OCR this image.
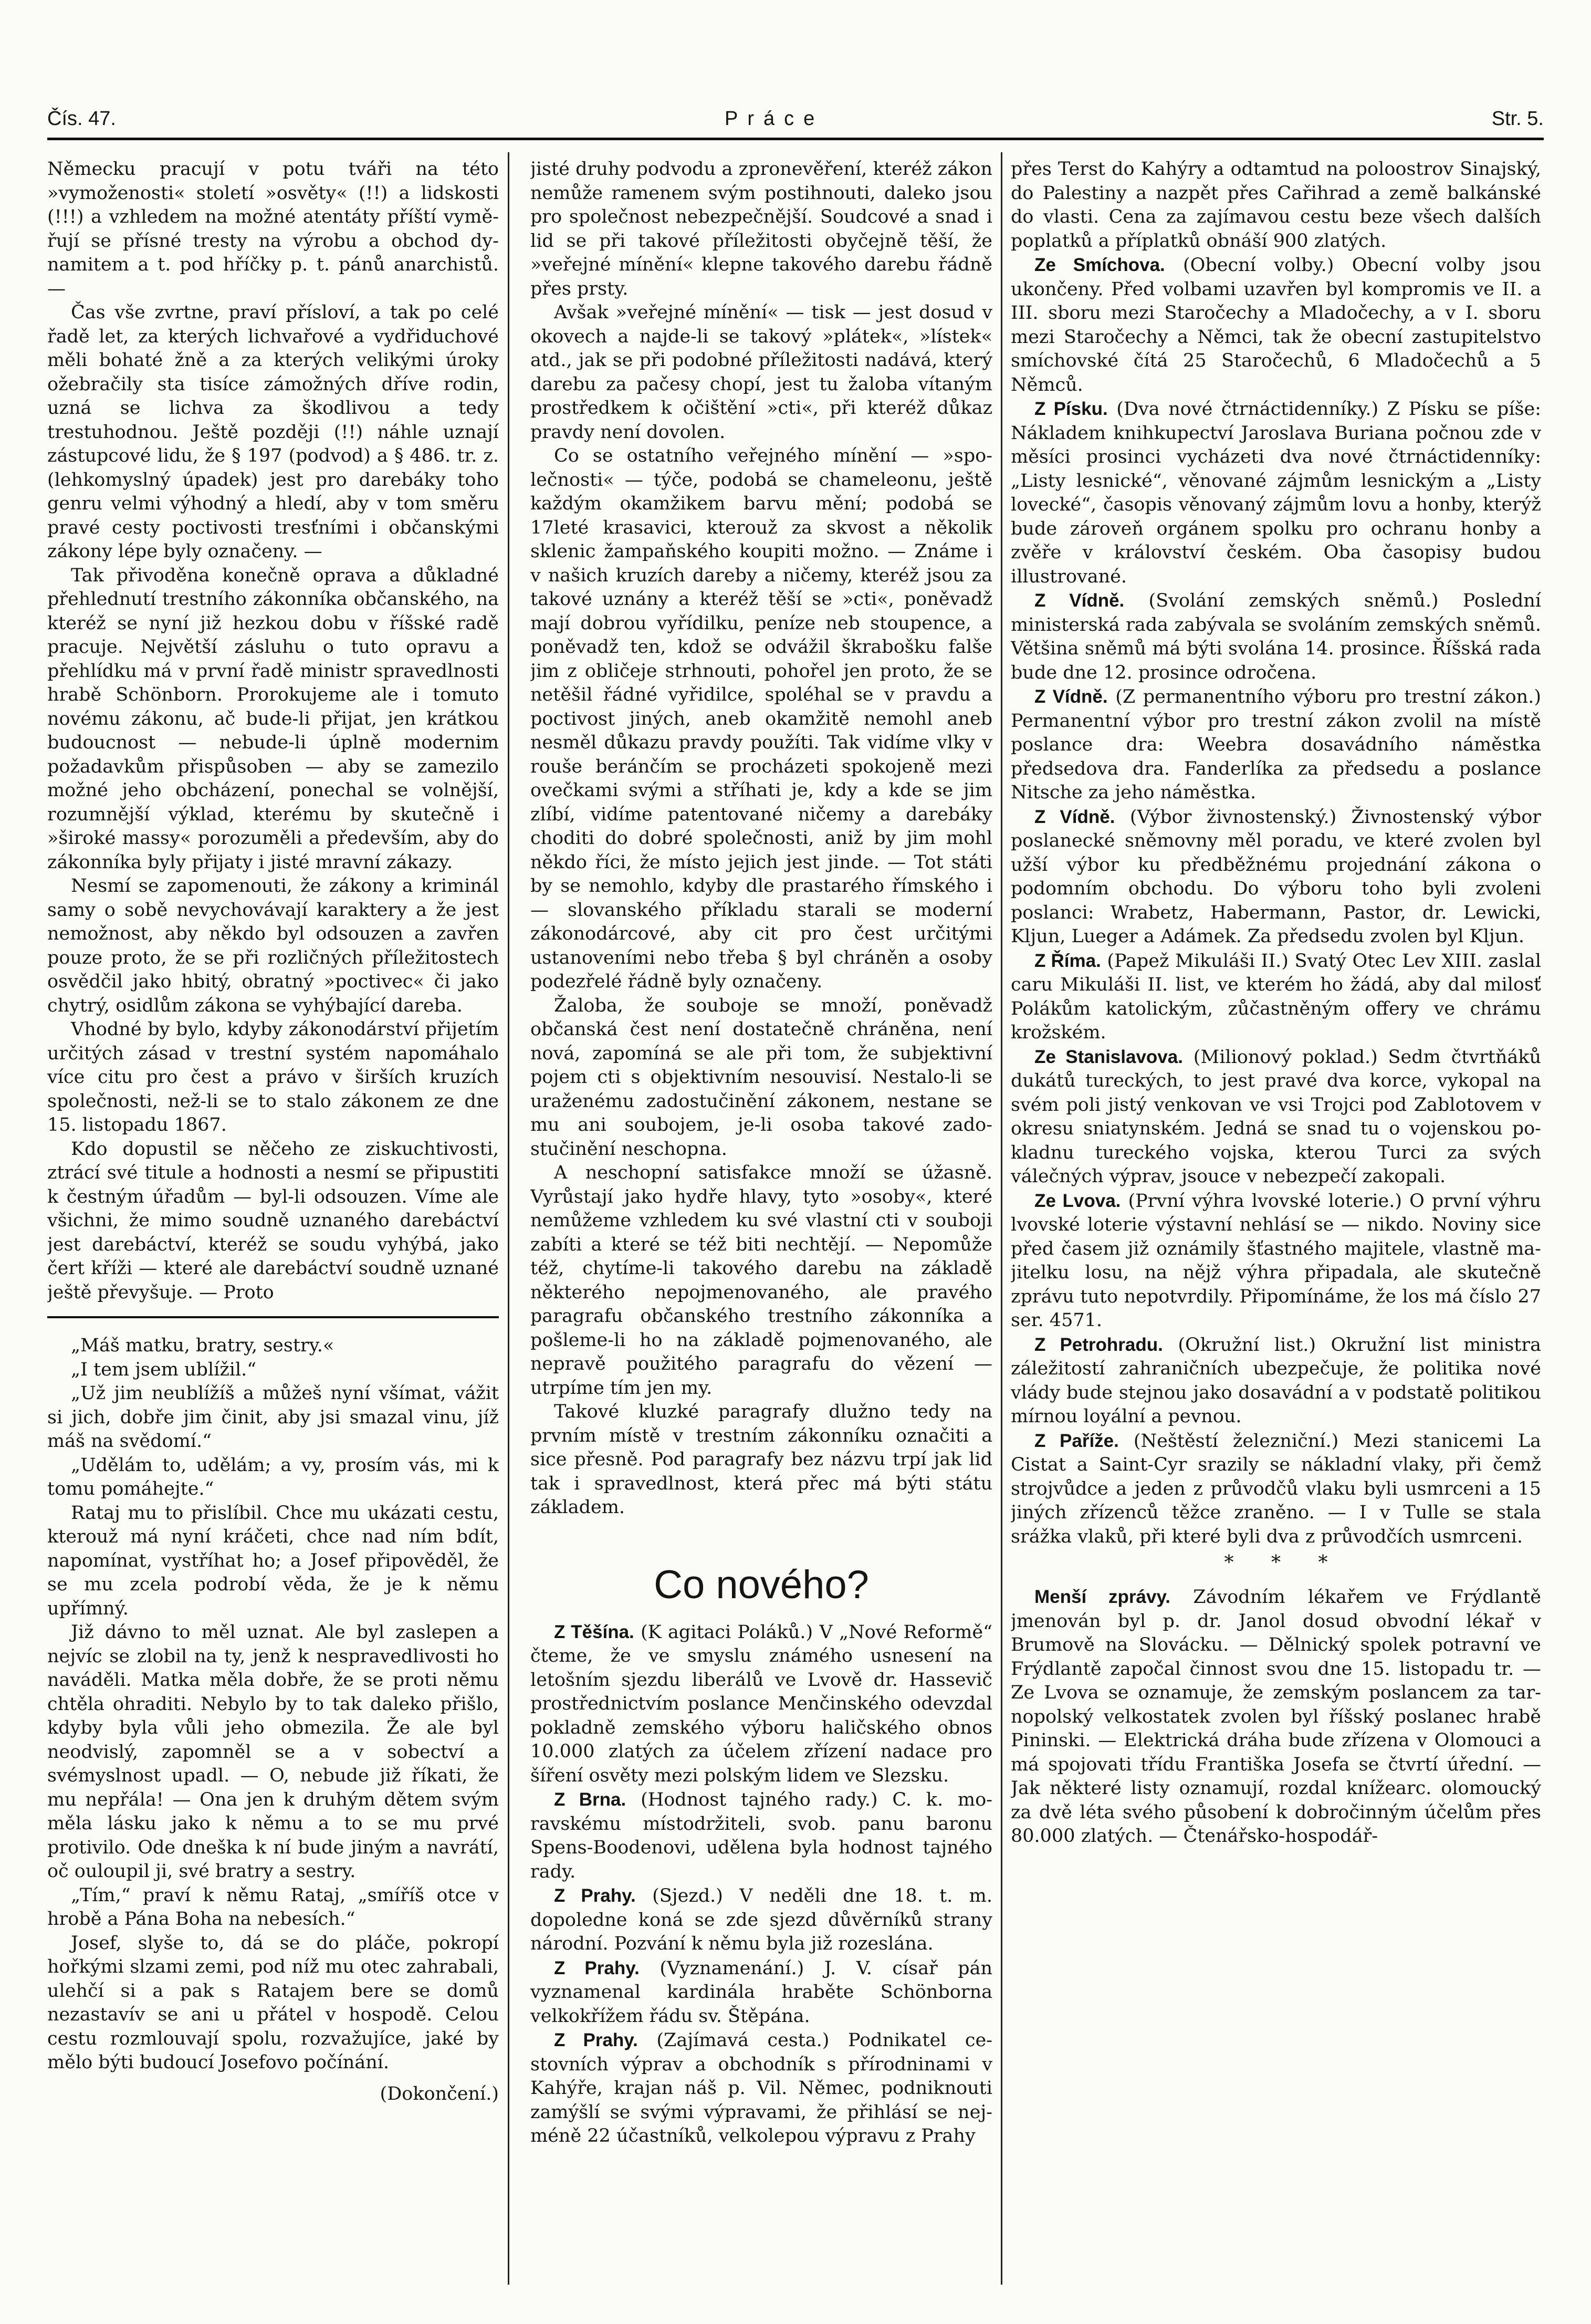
Čís. 47.	Práce	Str. 5.

Německu pracují v potu tváři na této »vymoženosti« století »osvěty« (!!) a lidskosti (!!!) a vzhledem na možné atentáty příští vyměřují se přísné tresty na výrobu a obchod dynamitem a t. pod hříčky p. t. pánů anarchistů. —

Čas vše zvrtne, praví přísloví, a tak po celé řadě let, za kterých lichvařové a vydřiduchové měli bohaté žně a za kterých velikými úroky ožebračily sta tisíce zámožných dříve rodin, uzná se lichva za škodlivou a tedy trestuhodnou. Ještě později (!!) náhle uznají zástupcové lidu, že § 197 (podvod) a § 486. tr. z. (lehkomyslný úpadek) jest pro darebáky toho genru velmi výhodný a hledí, aby v tom směru pravé cesty poctivosti tresťními i občanskými zákony lépe byly označeny. —

Tak přivoděna konečně oprava a důkladné přehlednutí trestního zákonníka občanského, na kteréž se nyní již hezkou dobu v říšské radě pracuje. Největší zásluhu o tuto opravu a přehlídku má v první řadě ministr spravedlnosti hrabě Schönborn. Prorokujeme ale i tomuto novému zákonu, ač bude-li přijat, jen krátkou budoucnost — nebude-li úplně modernim požadavkům přispůsoben — aby se zamezilo možné jeho obcházení, ponechal se volnější, rozumnější výklad, kterému by skutečně i »široké massy« porozuměli a především, aby do zákonníka byly přijaty i jisté mravní zákazy.

Nesmí se zapomenouti, že zákony a kriminál samy o sobě nevychovávají karaktery a že jest nemožnost, aby někdo byl odsouzen a zavřen pouze proto, že se při rozličných příležitostech osvědčil jako hbitý, obratný »poctivec« či jako chytrý, osidlům zákona se vyhýbající dareba.

Vhodné by bylo, kdyby zákonodárství přijetím určitých zásad v trestní systém napomáhalo více citu pro čest a právo v širších kruzích společnosti, než-li se to stalo zákonem ze dne 15. listopadu 1867.

Kdo dopustil se něčeho ze ziskuchtivosti, ztrácí své titule a hodnosti a nesmí se připustiti k čestným úřadům — byl-li odsouzen. Víme ale všichni, že mimo soudně uznaného darebáctví jest darebáctví, kteréž se soudu vyhýbá, jako čert kříži — které ale darebáctví soudně uznané ještě převyšuje. — Proto

„Máš matku, bratry, sestry.«

„I tem jsem ublížil.“

„Už jim neublížíš a můžeš nyní všímat, vážit si jich, dobře jim činit, aby jsi smazal vinu, jíž máš na svědomí.“

„Udělám to, udělám; a vy, prosím vás, mi k tomu pomáhejte.“

Rataj mu to přislíbil. Chce mu ukázati cestu, kterouž má nyní kráčeti, chce nad ním bdít, napomínat, vystříhat ho; a Josef připověděl, že se mu zcela podrobí věda, že je k němu upřímný.

Již dávno to měl uznat. Ale byl zaslepen a nejvíc se zlobil na ty, jenž k nespravedlivosti ho naváděli. Matka měla dobře, že se proti němu chtěla ohraditi. Nebylo by to tak daleko přišlo, kdyby byla vůli jeho obmezila. Že ale byl neodvislý, zapomněl se a v sobectví a svémyslnost upadl. — O, nebude již říkati, že mu nepřála! — Ona jen k druhým dětem svým měla lásku jako k němu a to se mu prvé protivilo. Ode dneška k ní bude jiným a navrátí, oč ouloupil ji, své bratry a sestry.

„Tím,“ praví k němu Rataj, „smíříš otce v hrobě a Pána Boha na nebesích.“

Josef, slyše to, dá se do pláče, pokropí hořkými slzami zemi, pod níž mu otec zahrabali, ulehčí si a pak s Ratajem bere se domů nezastavív se ani u přátel v hospodě. Celou cestu rozmlouvají spolu, rozvažujíce, jaké by mělo býti budoucí Josefovo počínání.

(Dokončení.)

jisté druhy podvodu a zpronevěření, kteréž zákon nemůže ramenem svým postihnouti, daleko jsou pro společnost nebezpečnější. Soudcové a snad i lid se při takové příležitosti obyčejně těší, že »veřejné mínění« klepne takového darebu řádně přes prsty.

Avšak »veřejné mínění« — tisk — jest dosud v okovech a najde-li se takový »plátek«, »lístek« atd., jak se při podobné příležitosti nadává, který darebu za pačesy chopí, jest tu žaloba vítaným prostředkem k očištění »cti«, při kteréž důkaz pravdy není dovolen.

Co se ostatního veřejného mínění — »společnosti« — týče, podobá se chameleonu, ještě každým okamžikem barvu mění; podobá se 17leté krasavici, kterouž za skvost a několik sklenic žampaňského koupiti možno. — Známe i v našich kruzích dareby a ničemy, kteréž jsou za takové uznány a kteréž těší se »cti«, poněvadž mají dobrou vyřídilku, peníze neb stoupence, a poněvadž ten, kdož se odvážil škrabošku falše jim z obličeje strhnouti, pohořel jen proto, že se netěšil řádné vyřidilce, spoléhal se v pravdu a poctivost jiných, aneb okamžitě nemohl aneb nesměl důkazu pravdy použíti. Tak vidíme vlky v rouše beránčím se procházeti spokojeně mezi ovečkami svými a stříhati je, kdy a kde se jim zlíbí, vidíme patentované ničemy a darebáky choditi do dobré společnosti, aniž by jim mohl někdo říci, že místo jejich jest jinde. — Tot státi by se nemohlo, kdyby dle prastarého římského i — slovanského příkladu starali se moderní zákonodárcové, aby cit pro čest určitými ustanoveními nebo třeba § byl chráněn a osoby podezřelé řádně byly označeny.

Žaloba, že souboje se množí, poněvadž občanská čest není dostatečně chráněna, není nová, zapomíná se ale při tom, že subjektivní pojem cti s objektivním nesouvisí. Nestalo-li se uraženému zadostučinění zákonem, nestane se mu ani soubojem, je-li osoba takové zadostučinění neschopna.

A neschopní satisfakce množí se úžasně. Vyrůstají jako hydře hlavy, tyto »osoby«, které nemůžeme vzhledem ku své vlastní cti v souboji zabíti a které se též biti nechtějí. — Nepomůže též, chytíme-li takového darebu na základě některého nepojmenovaného, ale pravého paragrafu občanského trestního zákonníka a pošleme-li ho na základě pojmenovaného, ale nepravě použitého paragrafu do vězení — utrpíme tím jen my.

Takové kluzké paragrafy dlužno tedy na prvním místě v trestním zákonníku označiti a sice přesně. Pod paragrafy bez názvu trpí jak lid tak i spravedlnost, která přec má býti státu základem.

Co nového?

Z Těšína. (K agitaci Poláků.) V „Nové Reformě“ čteme, že ve smyslu známého usnesení na letošním sjezdu liberálů ve Lvově dr. Hassevič prostřednictvím poslance Menčinského odevzdal pokladně zemského výboru haličského obnos 10.000 zlatých za účelem zřízení nadace pro šíření osvěty mezi polským lidem ve Slezsku.

Z Brna. (Hodnost tajného rady.) C. k. moravskému místodržiteli, svob. panu baronu Spens-Boodenovi, udělena byla hodnost tajného rady.

Z Prahy. (Sjezd.) V neděli dne 18. t. m. dopoledne koná se zde sjezd důvěrníků strany národní. Pozvání k němu byla již rozeslána.

Z Prahy. (Vyznamenání.) J. V. císař pán vyznamenal kardinála hraběte Schönborna velkokřížem řádu sv. Štěpána.

Z Prahy. (Zajímavá cesta.) Podnikatel cestovních výprav a obchodník s přírodninami v Kahýře, krajan náš p. Vil. Němec, podniknouti zamýšlí se svými výpravami, že přihlásí se nejméně 22 účastníků, velkolepou výpravu z Prahy

přes Terst do Kahýry a odtamtud na poloostrov Sinajský, do Palestiny a nazpět přes Cařihrad a země balkánské do vlasti. Cena za zajímavou cestu beze všech dalších poplatků a příplatků obnáší 900 zlatých.

Ze Smíchova. (Obecní volby.) Obecní volby jsou ukončeny. Před volbami uzavřen byl kompromis ve II. a III. sboru mezi Staročechy a Mladočechy, a v I. sboru mezi Staročechy a Němci, tak že obecní zastupitelstvo smíchovské čítá 25 Staročechů, 6 Mladočechů a 5 Němců.

Z Písku. (Dva nové čtrnáctidenníky.) Z Písku se píše: Nákladem knihkupectví Jaroslava Buriana počnou zde v měsíci prosinci vycházeti dva nové čtrnáctidenníky: „Listy lesnické“, věnované zájmům lesnickým a „Listy lovecké“, časopis věnovaný zájmům lovu a honby, kterýž bude zároveň orgánem spolku pro ochranu honby a zvěře v království českém. Oba časopisy budou illustrované.

Z Vídně. (Svolání zemských sněmů.) Poslední ministerská rada zabývala se svoláním zemských sněmů. Většina sněmů má býti svolána 14. prosince. Říšská rada bude dne 12. prosince odročena.

Z Vídně. (Z permanentního výboru pro trestní zákon.) Permanentní výbor pro trestní zákon zvolil na místě poslance dra: Weebra dosavádního náměstka předsedova dra. Fanderlíka za předsedu a poslance Nitsche za jeho náměstka.

Z Vídně. (Výbor živnostenský.) Živnostenský výbor poslanecké sněmovny měl poradu, ve které zvolen byl užší výbor ku předběžnému projednání zákona o podomním obchodu. Do výboru toho byli zvoleni poslanci: Wrabetz, Habermann, Pastor, dr. Lewicki, Kljun, Lueger a Adámek. Za předsedu zvolen byl Kljun.

Z Říma. (Papež Mikuláši II.) Svatý Otec Lev XIII. zaslal caru Mikuláši II. list, ve kterém ho žádá, aby dal milosť Polákům katolickým, zůčastněným offery ve chrámu krožském.

Ze Stanislavova. (Milionový poklad.) Sedm čtvrtňáků dukátů tureckých, to jest pravé dva korce, vykopal na svém poli jistý venkovan ve vsi Trojci pod Zablotovem v okresu sniatynském. Jedná se snad tu o vojenskou pokladnu tureckého vojska, kterou Turci za svých válečných výprav, jsouce v nebezpečí zakopali.

Ze Lvova. (První výhra lvovské loterie.) O první výhru lvovské loterie výstavní nehlásí se — nikdo. Noviny sice před časem již oznámily šťastného majitele, vlastně majitelku losu, na nějž výhra připadala, ale skutečně zprávu tuto nepotvrdily. Připomínáme, že los má číslo 27 ser. 4571.

Z Petrohradu. (Okružní list.) Okružní list ministra záležitostí zahraničních ubezpečuje, že politika nové vlády bude stejnou jako dosavádní a v podstatě politikou mírnou loyální a pevnou.

Z Paříže. (Neštěstí železniční.) Mezi stanicemi La Cistat a Saint-Cyr srazily se nákladní vlaky, při čemž strojvůdce a jeden z průvodčů vlaku byli usmrceni a 15 jiných zřízenců těžce zraněno. — I v Tulle se stala srážka vlaků, při které byli dva z průvodčích usmrceni.

* * *

Menší zprávy. Závodním lékařem ve Frýdlantě jmenován byl p. dr. Janol dosud obvodní lékař v Brumově na Slovácku. — Dělnický spolek potravní ve Frýdlantě započal činnost svou dne 15. listopadu tr. — Ze Lvova se oznamuje, že zemským poslancem za tarnopolský velkostatek zvolen byl říšský poslanec hrabě Pininski. — Elektrická dráha bude zřízena v Olomouci a má spojovati třídu Františka Josefa se čtvrtí úřední. — Jak některé listy oznamují, rozdal knížearc. olomoucký za dvě léta svého působení k dobročinným účelům přes 80.000 zlatých. — Čtenářsko-hospodář-
